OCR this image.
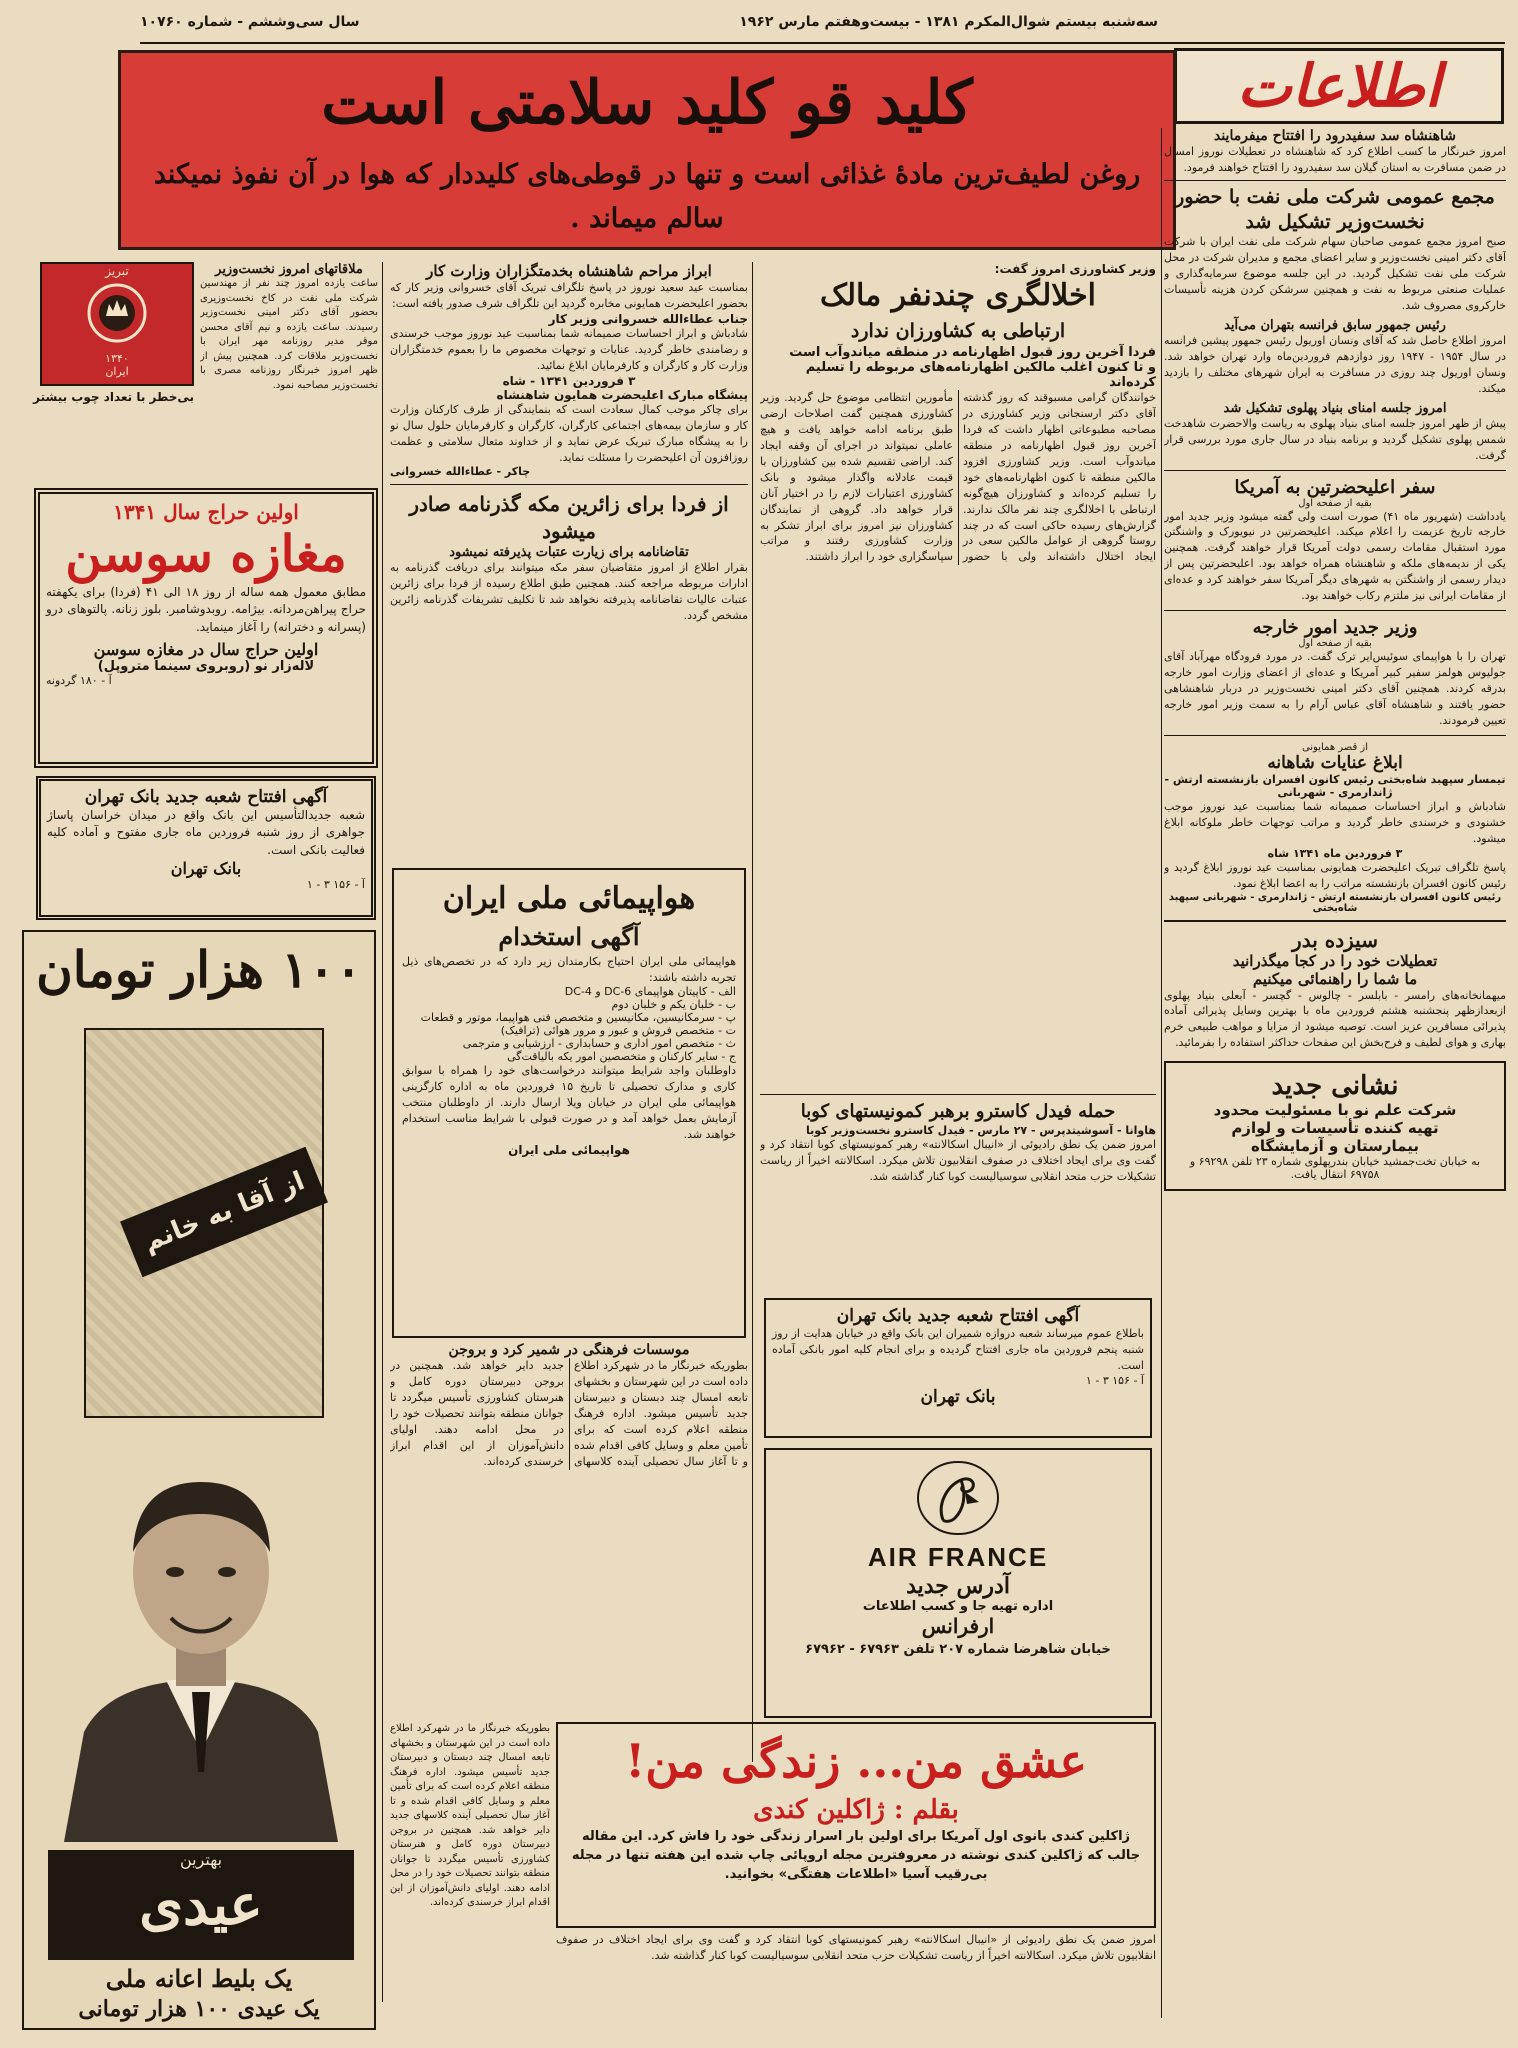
سه‌شنبه بیستم شوال‌المکرم ۱۳۸۱ - بیست‌وهفتم مارس ۱۹۶۲
سال سی‌وششم - شماره ۱۰۷۶۰
اطلاعات
کلید قو کلید سلامتی است
روغن لطیف‌ترین مادهٔ غذائی است و تنها در قوطی‌های کلیددار که هوا در آن نفوذ نمیکند سالم میماند .
شاهنشاه سد سفیدرود را افتتاح میفرمایند

امروز خبرنگار ما کسب اطلاع کرد که شاهنشاه در تعطیلات نوروز امسال در ضمن مسافرت به استان گیلان سد سفیدرود را افتتاح خواهند فرمود.

مجمع عمومی شرکت ملی نفت با حضور نخست‌وزیر تشکیل شد

صبح امروز مجمع عمومی صاحبان سهام شرکت ملی نفت ایران با شرکت آقای دکتر امینی نخست‌وزیر و سایر اعضای مجمع و مدیران شرکت در محل شرکت ملی نفت تشکیل گردید. در این جلسه موضوع سرمایه‌گذاری و عملیات صنعتی مربوط به نفت و همچنین سرشکن کردن هزینه تأسیسات خارکروی مصروف شد.

رئیس جمهور سابق فرانسه بتهران می‌آید

امروز اطلاع حاصل شد که آقای ونسان اوریول رئیس جمهور پیشین فرانسه در سال ۱۹۵۴ - ۱۹۴۷ روز دوازدهم فروردین‌ماه وارد تهران خواهد شد. ونسان اوریول چند روزی در مسافرت به ایران شهرهای مختلف را بازدید میکند.

امروز جلسه امنای بنیاد پهلوی تشکیل شد

پیش از ظهر امروز جلسه امنای بنیاد پهلوی به ریاست والاحضرت شاهدخت شمس پهلوی تشکیل گردید و برنامه بنیاد در سال جاری مورد بررسی قرار گرفت.

سفر اعلیحضرتین به آمریکا
بقیه از صفحه اول

یادداشت (شهریور ماه ۴۱) صورت است ولی گفته میشود وزیر جدید امور خارجه تاریخ عزیمت را اعلام میکند. اعلیحضرتین در نیویورک و واشنگتن مورد استقبال مقامات رسمی دولت آمریکا قرار خواهند گرفت. همچنین یکی از ندیمه‌های ملکه و شاهنشاه همراه خواهد بود. اعلیحضرتین پس از دیدار رسمی از واشنگتن به شهرهای دیگر آمریکا سفر خواهند کرد و عده‌ای از مقامات ایرانی نیز ملتزم رکاب خواهند بود.

وزیر جدید امور خارجه
بقیه از صفحه اول

تهران را با هواپیمای سوئیس‌ایر ترک گفت. در مورد فرودگاه مهرآباد آقای جولیوس هولمز سفیر کبیر آمریکا و عده‌ای از اعضای وزارت امور خارجه بدرقه کردند. همچنین آقای دکتر امینی نخست‌وزیر در دربار شاهنشاهی حضور یافتند و شاهنشاه آقای عباس آرام را به سمت وزیر امور خارجه تعیین فرمودند.

از قصر همایونی
ابلاغ عنایات شاهانه
تیمسار سپهبد شاه‌بختی رئیس کانون افسران بازنشسته ارتش - ژاندارمری - شهربانی

شادباش و ابراز احساسات صمیمانه شما بمناسبت عید نوروز موجب خشنودی و خرسندی خاطر گردید و مراتب توجهات خاطر ملوکانه ابلاغ میشود.

۳ فروردین ماه ۱۳۴۱ شاه

پاسخ تلگراف تبریک اعلیحضرت همایونی بمناسبت عید نوروز ابلاغ گردید و رئیس کانون افسران بازنشسته مراتب را به اعضا ابلاغ نمود.

رئیس کانون افسران بازنشسته ارتش - ژاندارمری - شهربانی سپهبد شاه‌بختی
سیزده بدر
تعطیلات خود را در کجا میگذرانید
ما شما را راهنمائی میکنیم

میهمانخانه‌های رامسر - بابلسر - چالوس - گچسر - آبعلی بنیاد پهلوی ازبعدازظهر پنجشنبه هشتم فروردین ماه با بهترین وسایل پذیرائی آماده پذیرائی مسافرین عزیز است. توصیه میشود از مزایا و مواهب طبیعی خرم بهاری و هوای لطیف و فرح‌بخش این صفحات حداکثر استفاده را بفرمائید.

نشانی جدید
شرکت علم نو با مسئولیت محدود
تهیه کننده تأسیسات و لوازم
بیمارستان و آزمایشگاه
به خیابان تخت‌جمشید خیابان بندرپهلوی شماره ۲۳ تلفن ۶۹۲۹۸ و ۶۹۷۵۸ انتقال یافت.
وزیر کشاورزی امروز گفت:
اخلالگری چندنفر مالک
ارتباطی به کشاورزان ندارد
فردا آخرین روز قبول اظهارنامه در منطقه میاندوآب است
و تا کنون اغلب مالکین اظهارنامه‌های مربوطه را تسلیم کرده‌اند

خوانندگان گرامی مسبوقند که روز گذشته آقای دکتر ارسنجانی وزیر کشاورزی در مصاحبه مطبوعاتی اظهار داشت که فردا آخرین روز قبول اظهارنامه در منطقه میاندوآب است. وزیر کشاورزی افزود مالکین منطقه تا کنون اظهارنامه‌های خود را تسلیم کرده‌اند و کشاورزان هیچ‌گونه ارتباطی با اخلالگری چند نفر مالک ندارند. گزارش‌های رسیده حاکی است که در چند روستا گروهی از عوامل مالکین سعی در ایجاد اختلال داشته‌اند ولی با حضور مأمورین انتظامی موضوع حل گردید. وزیر کشاورزی همچنین گفت اصلاحات ارضی طبق برنامه ادامه خواهد یافت و هیچ عاملی نمیتواند در اجرای آن وقفه ایجاد کند. اراضی تقسیم شده بین کشاورزان با قیمت عادلانه واگذار میشود و بانک کشاورزی اعتبارات لازم را در اختیار آنان قرار خواهد داد. گروهی از نمایندگان کشاورزان نیز امروز برای ابراز تشکر به وزارت کشاورزی رفتند و مراتب سپاسگزاری خود را ابراز داشتند.

حمله فیدل کاسترو برهبر کمونیستهای کوبا
هاوانا - آسوشیتدپرس - ۲۷ مارس - فیدل کاسترو نخست‌وزیر کوبا

امروز ضمن یک نطق رادیوئی از «انیبال اسکالانته» رهبر کمونیستهای کوبا انتقاد کرد و گفت وی برای ایجاد اختلاف در صفوف انقلابیون تلاش میکرد. اسکالانته اخیراً از ریاست تشکیلات حزب متحد انقلابی سوسیالیست کوبا کنار گذاشته شد.

آگهی افتتاح شعبه جدید بانک تهران

باطلاع عموم میرساند شعبه دروازه شمیران این بانک واقع در خیابان هدایت از روز شنبه پنجم فروردین ماه جاری افتتاح گردیده و برای انجام کلیه امور بانکی آماده است.

آ - ۱۵۶ ۳ - ۱
بانک تهران
AIR FRANCE
آدرس جدید
اداره تهیه جا و کسب اطلاعات
ارفرانس
خیابان شاهرضا شماره ۲۰۷ تلفن ۶۷۹۶۳ - ۶۷۹۶۲
ابراز مراحم شاهنشاه بخدمتگزاران وزارت کار

بمناسبت عید سعید نوروز در پاسخ تلگراف تبریک آقای خسروانی وزیر کار که بحضور اعلیحضرت همایونی مخابره گردید این تلگراف شرف صدور یافته است:

جناب عطاءالله خسروانی وزیر کار

شادباش و ابراز احساسات صمیمانه شما بمناسبت عید نوروز موجب خرسندی و رضامندی خاطر گردید. عنایات و توجهات مخصوص ما را بعموم خدمتگزاران وزارت کار و کارگران و کارفرمایان ابلاغ نمائید.

۳ فروردین ۱۳۴۱ - شاه
پیشگاه مبارک اعلیحضرت همایون شاهنشاه

برای چاکر موجب کمال سعادت است که بنمایندگی از طرف کارکنان وزارت کار و سازمان بیمه‌های اجتماعی کارگران، کارگران و کارفرمایان حلول سال نو را به پیشگاه مبارک تبریک عرض نماید و از خداوند متعال سلامتی و عظمت روزافزون آن اعلیحضرت را مسئلت نماید.

چاکر - عطاءالله خسروانی
از فردا برای زائرین مکه گذرنامه صادر میشود
تقاضانامه برای زیارت عتبات پذیرفته نمیشود

بقرار اطلاع از امروز متقاضیان سفر مکه میتوانند برای دریافت گذرنامه به ادارات مربوطه مراجعه کنند. همچنین طبق اطلاع رسیده از فردا برای زائرین عتبات عالیات تقاضانامه پذیرفته نخواهد شد تا تکلیف تشریفات گذرنامه زائرین مشخص گردد.

هواپیمائی ملی ایران
آگهی استخدام

هواپیمائی ملی ایران احتیاج بکارمندان زیر دارد که در تخصص‌های ذیل تجربه داشته باشند:

الف - کاپیتان هواپیمای DC-6 و DC-4
ب - خلبان یکم و خلبان دوم
پ - سرمکانیسین، مکانیسین و متخصص فنی هواپیما، موتور و قطعات
ت - متخصص فروش و عبور و مرور هوائی (ترافیک)
ث - متخصص امور اداری و حسابداری - ارزشیابی و مترجمی
ج - سایر کارکنان و متخصصین امور یکه بالیاقت‌گی

داوطلبان واجد شرایط میتوانند درخواست‌های خود را همراه با سوابق کاری و مدارک تحصیلی تا تاریخ ۱۵ فروردین ماه به اداره کارگزینی هواپیمائی ملی ایران در خیابان ویلا ارسال دارند. از داوطلبان منتخب آزمایش بعمل خواهد آمد و در صورت قبولی با شرایط مناسب استخدام خواهند شد.

هواپیمائی ملی ایران
موسسات فرهنگی در شمیر کرد و بروجن

بطوریکه خبرنگار ما در شهرکرد اطلاع داده است در این شهرستان و بخشهای تابعه امسال چند دبستان و دبیرستان جدید تأسیس میشود. اداره فرهنگ منطقه اعلام کرده است که برای تأمین معلم و وسایل کافی اقدام شده و تا آغاز سال تحصیلی آینده کلاسهای جدید دایر خواهد شد. همچنین در بروجن دبیرستان دوره کامل و هنرستان کشاورزی تأسیس میگردد تا جوانان منطقه بتوانند تحصیلات خود را در محل ادامه دهند. اولیای دانش‌آموزان از این اقدام ابراز خرسندی کرده‌اند.

عشق من... زندگی من!
بقلم : ژاکلین کندی

ژاکلین کندی بانوی اول آمریکا برای اولین بار اسرار زندگی خود را فاش کرد. این مقاله جالب که ژاکلین کندی نوشته در معروفترین مجله اروپائی چاپ شده این هفته تنها در مجله بی‌رقیب آسیا «اطلاعات هفتگی» بخوانید.

تبریز
۱۳۴۰
ایران
بی‌خطر با تعداد چوب بیشتر
ملاقاتهای امروز نخست‌وزیر

ساعت یازده امروز چند نفر از مهندسین شرکت ملی نفت در کاخ نخست‌وزیری بحضور آقای دکتر امینی نخست‌وزیر رسیدند. ساعت یازده و نیم آقای محسن موقر مدیر روزنامه مهر ایران با نخست‌وزیر ملاقات کرد. همچنین پیش از ظهر امروز خبرنگار روزنامه مصری با نخست‌وزیر مصاحبه نمود.

اولین حراج سال ۱۳۴۱
مغازه سوسن

مطابق معمول همه ساله از روز ۱۸ الی ۴۱ (فردا) برای یکهفته حراج پیراهن‌مردانه. بیژامه. روبدوشامبر. بلوز زنانه. پالتوهای درو (پسرانه و دخترانه) را آغاز مینماید.

اولین حراج سال در مغازه سوسن
لاله‌زار نو (روبروی سینما متروپل)
آ - ۱۸۰ گردونه
آگهی افتتاح شعبه جدید بانک تهران

شعبه جدیدالتأسیس این بانک واقع در میدان خراسان پاساژ جواهری از روز شنبه فروردین ماه جاری مفتوح و آماده کلیه فعالیت بانکی است.

بانک تهران
آ - ۱۵۶ ۳ - ۱
۱۰۰ هزار تومان
از آقا به خانم
بهترین
عیدی
یک بلیط اعانه ملی
یک عیدی ۱۰۰ هزار تومانی

بطوریکه خبرنگار ما در شهرکرد اطلاع داده است در این شهرستان و بخشهای تابعه امسال چند دبستان و دبیرستان جدید تأسیس میشود. اداره فرهنگ منطقه اعلام کرده است که برای تأمین معلم و وسایل کافی اقدام شده و تا آغاز سال تحصیلی آینده کلاسهای جدید دایر خواهد شد. همچنین در بروجن دبیرستان دوره کامل و هنرستان کشاورزی تأسیس میگردد تا جوانان منطقه بتوانند تحصیلات خود را در محل ادامه دهند. اولیای دانش‌آموزان از این اقدام ابراز خرسندی کرده‌اند.

امروز ضمن یک نطق رادیوئی از «انیبال اسکالانته» رهبر کمونیستهای کوبا انتقاد کرد و گفت وی برای ایجاد اختلاف در صفوف انقلابیون تلاش میکرد. اسکالانته اخیراً از ریاست تشکیلات حزب متحد انقلابی سوسیالیست کوبا کنار گذاشته شد.
